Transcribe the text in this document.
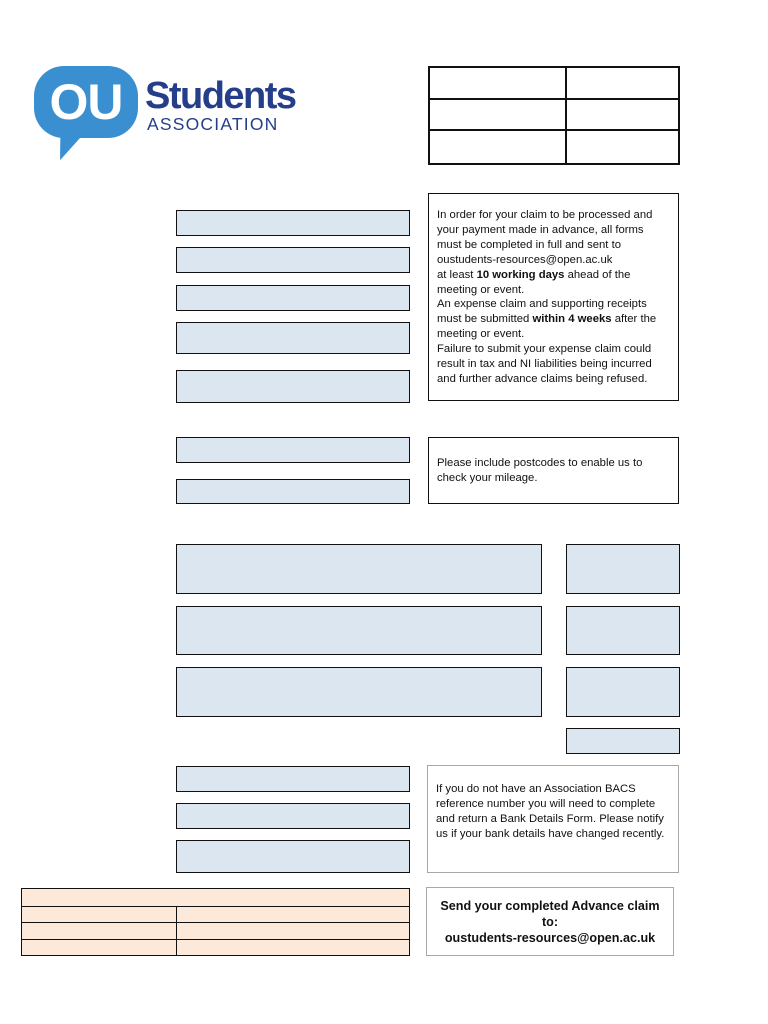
OU Students
ASSOCIATION

In order for your claim to be processed and your payment made in advance, all forms must be completed in full and sent to

oustudents-resources@open.ac.uk

at least 10 working days ahead of the meeting or event.

An expense claim and supporting receipts must be submitted within 4 weeks after the meeting or event.

Failure to submit your expense claim could result in tax and NI liabilities being incurred and further advance claims being refused.

Please include postcodes to enable us to check your mileage.

If you do not have an Association BACS reference number you will need to complete and return a Bank Details Form. Please notify us if your bank details have changed recently.

Send your completed Advance claim
to:
oustudents-resources@open.ac.uk
